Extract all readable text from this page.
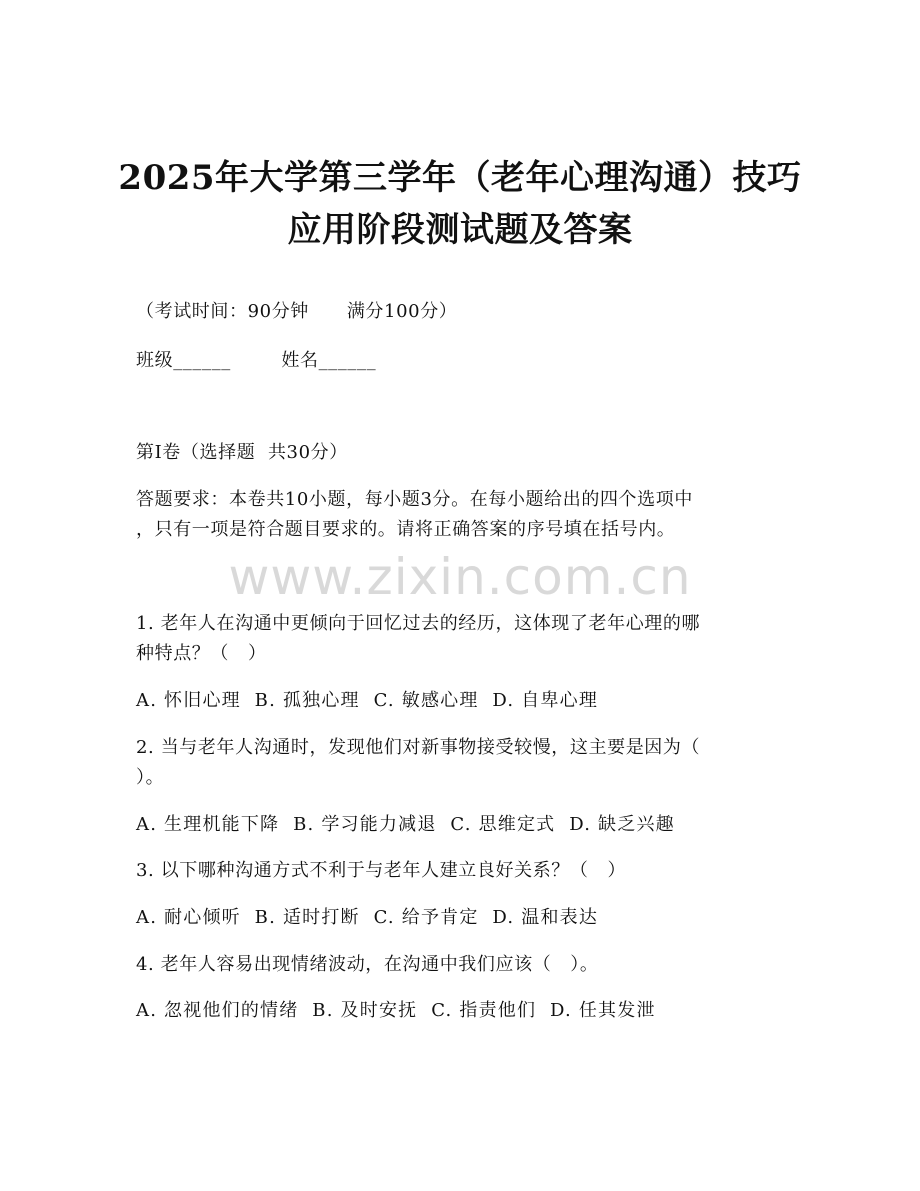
2025年大学第三学年（老年心理沟通）技巧
应用阶段测试题及答案
（考试时间：90分钟      满分100分）
班级______        姓名______
第I卷（选择题  共30分）
答题要求：本卷共10小题，每小题3分。在每小题给出的四个选项中
，只有一项是符合题目要求的。请将正确答案的序号填在括号内。
www.zixin.com.cn
1. 老年人在沟通中更倾向于回忆过去的经历，这体现了老年心理的哪
种特点？（   ）
A. 怀旧心理  B. 孤独心理  C. 敏感心理  D. 自卑心理
2. 当与老年人沟通时，发现他们对新事物接受较慢，这主要是因为（
）。
A. 生理机能下降  B. 学习能力减退  C. 思维定式  D. 缺乏兴趣
3. 以下哪种沟通方式不利于与老年人建立良好关系？（   ）
A. 耐心倾听  B. 适时打断  C. 给予肯定  D. 温和表达
4. 老年人容易出现情绪波动，在沟通中我们应该（   ）。
A. 忽视他们的情绪  B. 及时安抚  C. 指责他们  D. 任其发泄
